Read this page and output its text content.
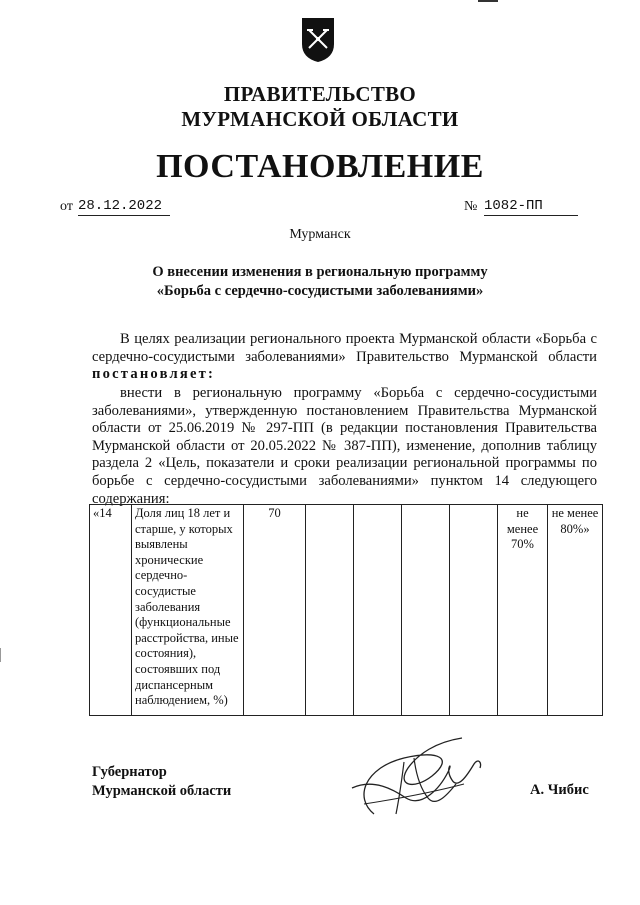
ПРАВИТЕЛЬСТВО
МУРМАНСКОЙ ОБЛАСТИ
ПОСТАНОВЛЕНИЕ
от 28.12.2022	№ 1082-ПП
Мурманск
О внесении изменения в региональную программу
«Борьба с сердечно-сосудистыми заболеваниями»
В целях реализации регионального проекта Мурманской области «Борьба с сердечно-сосудистыми заболеваниями» Правительство Мурманской области постановляет:
внести в региональную программу «Борьба с сердечно-сосудистыми заболеваниями», утвержденную постановлением Правительства Мурманской области от 25.06.2019 № 297-ПП (в редакции постановления Правительства Мурманской области от 20.05.2022 № 387-ПП), изменение, дополнив таблицу раздела 2 «Цель, показатели и сроки реализации региональной программы по борьбе с сердечно-сосудистыми заболеваниями» пунктом 14 следующего содержания:
«14	Доля лиц 18 лет и старше, у которых выявлены хронические сердечно-сосудистые заболевания (функциональные расстройства, иные состояния), состоявших под диспансерным наблюдением, %)	70					не менее 70%	не менее 80%»
Губернатор
Мурманской области	А. Чибис
